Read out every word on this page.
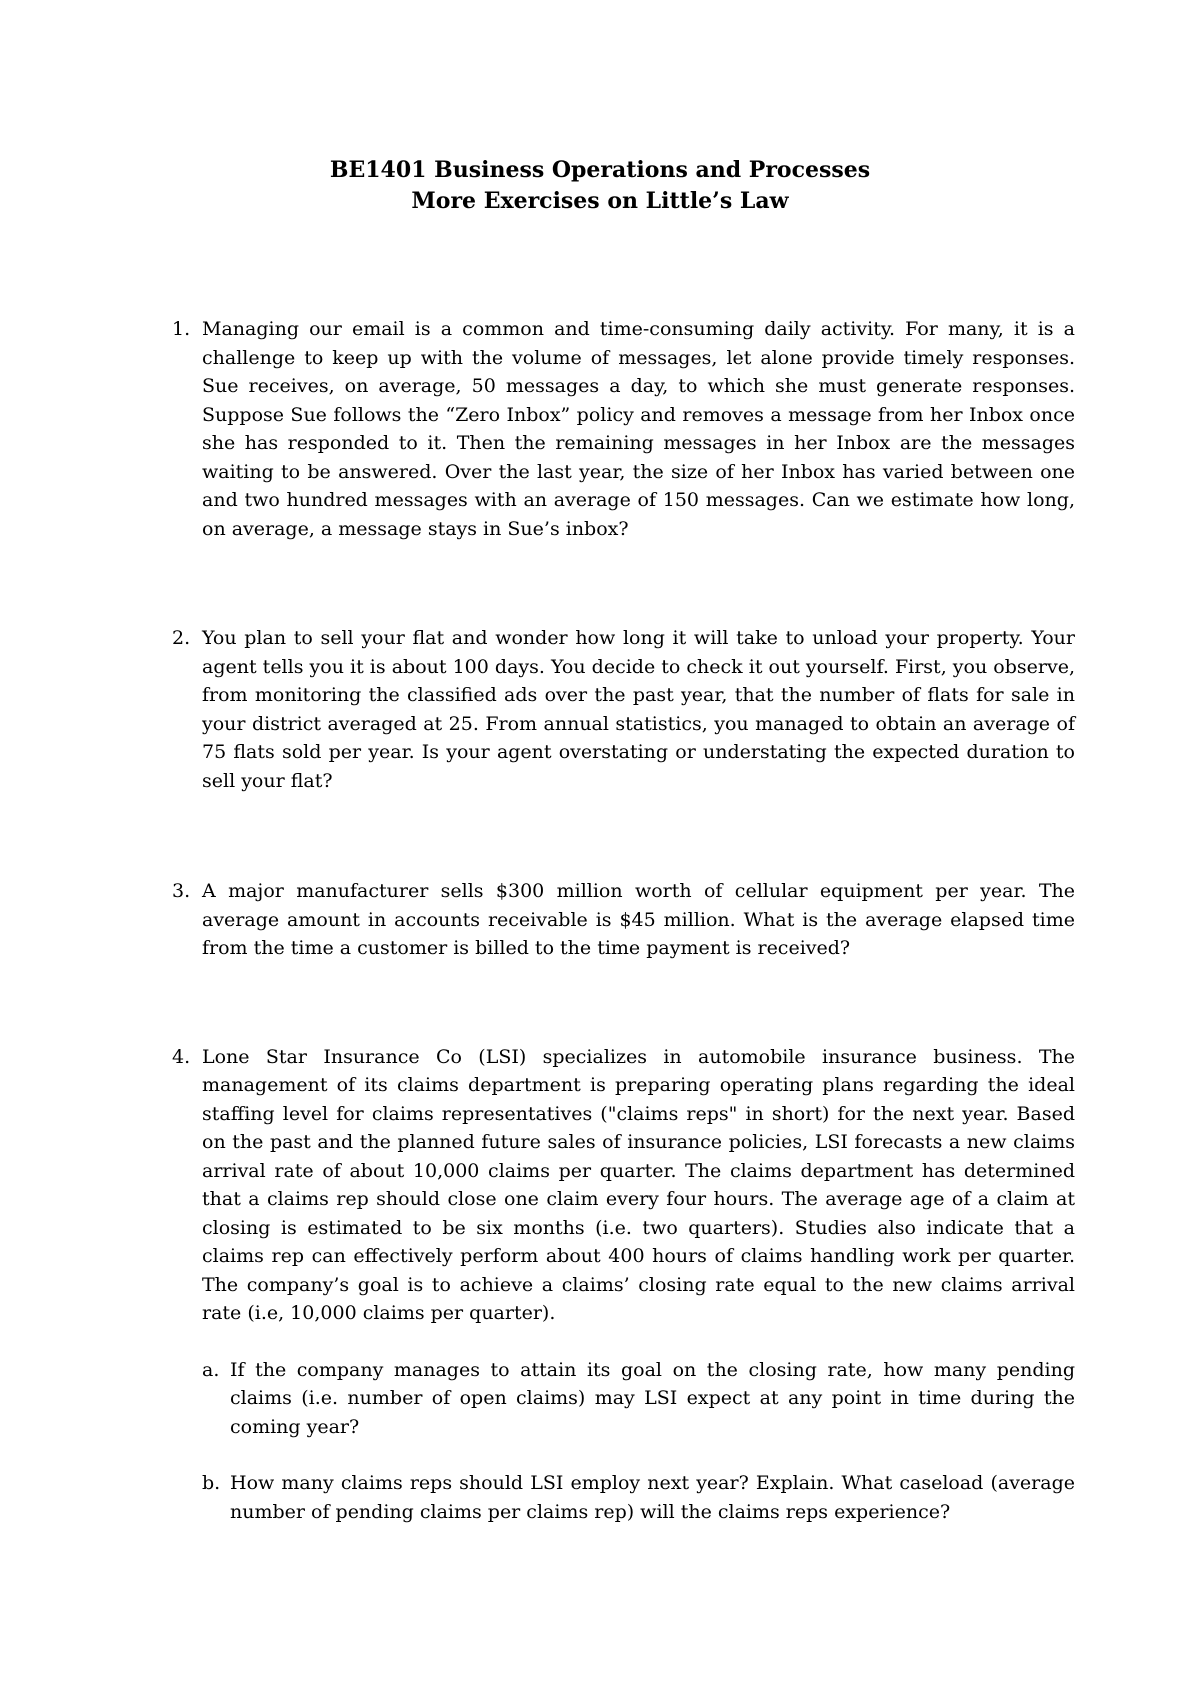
BE1401 Business Operations and Processes
More Exercises on Little’s Law
1. Managing our email is a common and time-consuming daily activity. For many, it is a challenge to keep up with the volume of messages, let alone provide timely responses. Sue receives, on average, 50 messages a day, to which she must generate responses. Suppose Sue follows the “Zero Inbox” policy and removes a message from her Inbox once she has responded to it. Then the remaining messages in her Inbox are the messages waiting to be answered. Over the last year, the size of her Inbox has varied between one and two hundred messages with an average of 150 messages. Can we estimate how long, on average, a message stays in Sue’s inbox?
2. You plan to sell your flat and wonder how long it will take to unload your property. Your agent tells you it is about 100 days. You decide to check it out yourself. First, you observe, from monitoring the classified ads over the past year, that the number of flats for sale in your district averaged at 25. From annual statistics, you managed to obtain an average of 75 flats sold per year. Is your agent overstating or understating the expected duration to sell your flat?
3. A major manufacturer sells $300 million worth of cellular equipment per year. The average amount in accounts receivable is $45 million. What is the average elapsed time from the time a customer is billed to the time payment is received?
4. Lone Star Insurance Co (LSI) specializes in automobile insurance business. The management of its claims department is preparing operating plans regarding the ideal staffing level for claims representatives ("claims reps" in short) for the next year. Based on the past and the planned future sales of insurance policies, LSI forecasts a new claims arrival rate of about 10,000 claims per quarter. The claims department has determined that a claims rep should close one claim every four hours. The average age of a claim at closing is estimated to be six months (i.e. two quarters). Studies also indicate that a claims rep can effectively perform about 400 hours of claims handling work per quarter. The company’s goal is to achieve a claims’ closing rate equal to the new claims arrival rate (i.e, 10,000 claims per quarter).
a. If the company manages to attain its goal on the closing rate, how many pending claims (i.e. number of open claims) may LSI expect at any point in time during the coming year?
b. How many claims reps should LSI employ next year? Explain. What caseload (average number of pending claims per claims rep) will the claims reps experience?
